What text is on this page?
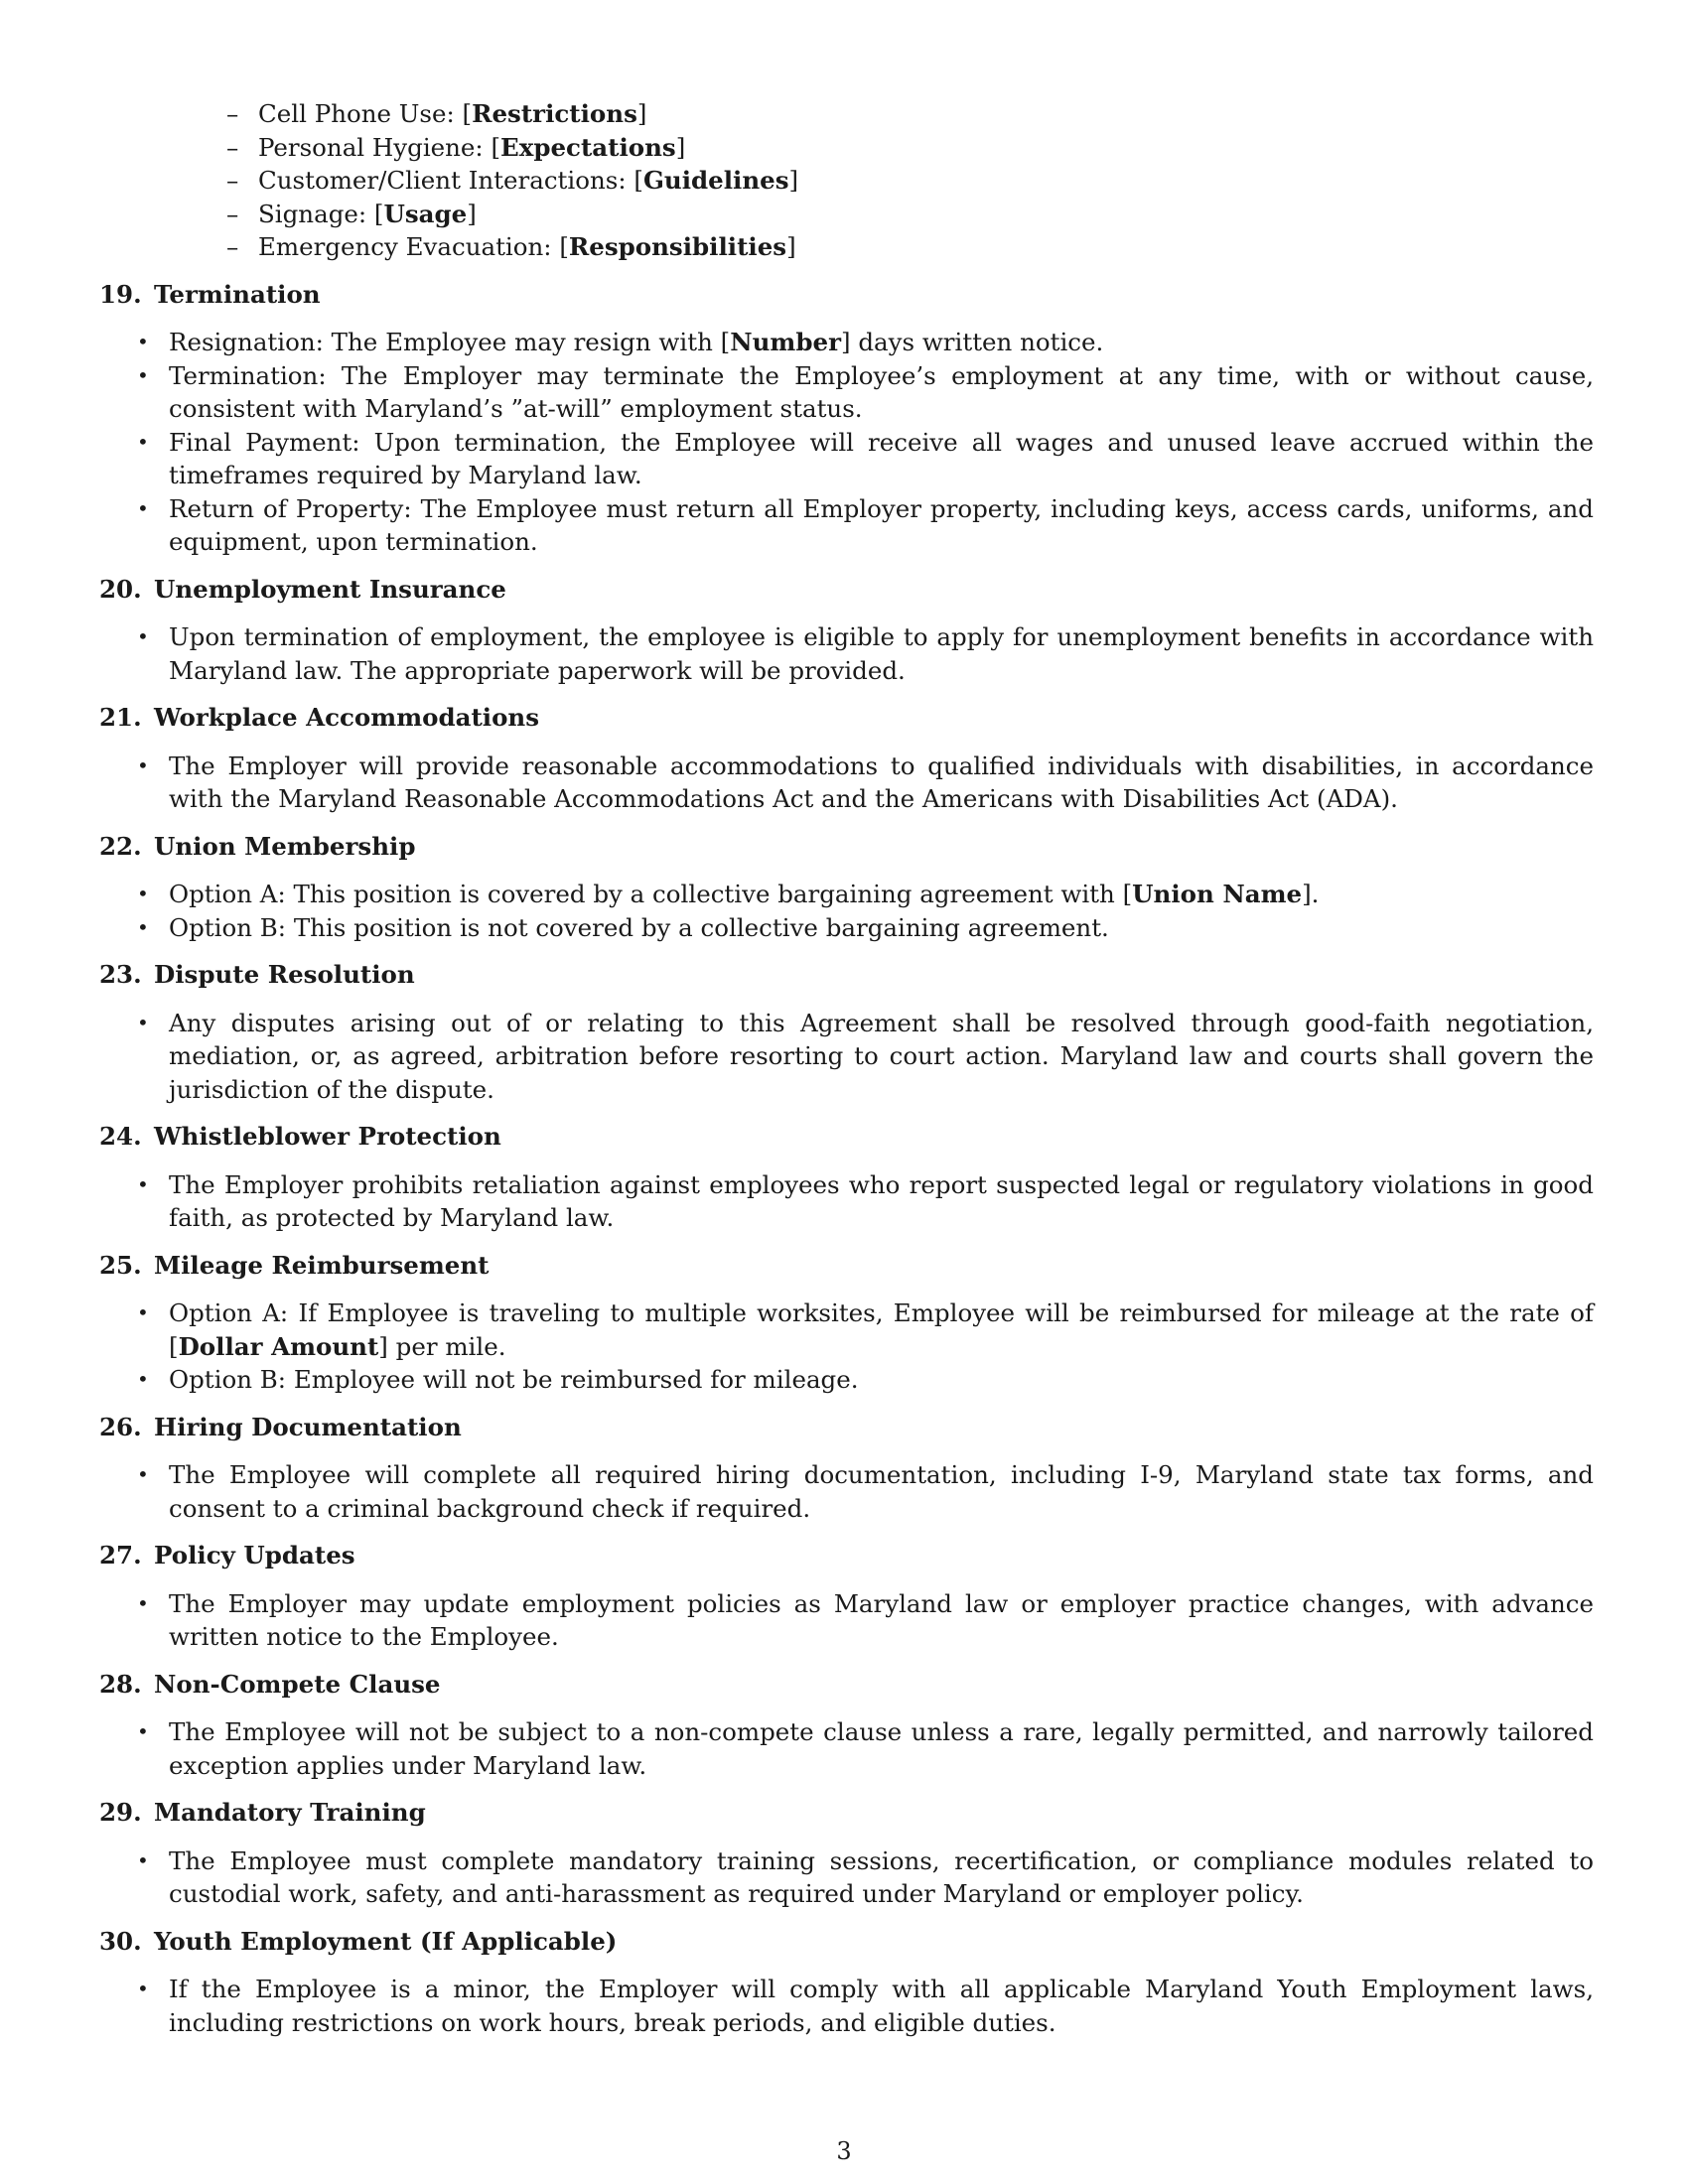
– Cell Phone Use: [Restrictions]
– Personal Hygiene: [Expectations]
– Customer/Client Interactions: [Guidelines]
– Signage: [Usage]
– Emergency Evacuation: [Responsibilities]
19. Termination
• Resignation: The Employee may resign with [Number] days written notice.
• Termination: The Employer may terminate the Employee’s employment at any time, with or without cause, consistent with Maryland’s ”at-will” employment status.
• Final Payment: Upon termination, the Employee will receive all wages and unused leave accrued within the timeframes required by Maryland law.
• Return of Property: The Employee must return all Employer property, including keys, access cards, uniforms, and equipment, upon termination.
20. Unemployment Insurance
• Upon termination of employment, the employee is eligible to apply for unemployment benefits in accordance with Maryland law. The appropriate paperwork will be provided.
21. Workplace Accommodations
• The Employer will provide reasonable accommodations to qualified individuals with disabilities, in accordance with the Maryland Reasonable Accommodations Act and the Americans with Disabilities Act (ADA).
22. Union Membership
• Option A: This position is covered by a collective bargaining agreement with [Union Name].
• Option B: This position is not covered by a collective bargaining agreement.
23. Dispute Resolution
• Any disputes arising out of or relating to this Agreement shall be resolved through good-faith negotiation, mediation, or, as agreed, arbitration before resorting to court action. Maryland law and courts shall govern the jurisdiction of the dispute.
24. Whistleblower Protection
• The Employer prohibits retaliation against employees who report suspected legal or regulatory violations in good faith, as protected by Maryland law.
25. Mileage Reimbursement
• Option A: If Employee is traveling to multiple worksites, Employee will be reimbursed for mileage at the rate of [Dollar Amount] per mile.
• Option B: Employee will not be reimbursed for mileage.
26. Hiring Documentation
• The Employee will complete all required hiring documentation, including I-9, Maryland state tax forms, and consent to a criminal background check if required.
27. Policy Updates
• The Employer may update employment policies as Maryland law or employer practice changes, with advance written notice to the Employee.
28. Non-Compete Clause
• The Employee will not be subject to a non-compete clause unless a rare, legally permitted, and narrowly tailored exception applies under Maryland law.
29. Mandatory Training
• The Employee must complete mandatory training sessions, recertification, or compliance modules related to custodial work, safety, and anti-harassment as required under Maryland or employer policy.
30. Youth Employment (If Applicable)
• If the Employee is a minor, the Employer will comply with all applicable Maryland Youth Employment laws, including restrictions on work hours, break periods, and eligible duties.
3
